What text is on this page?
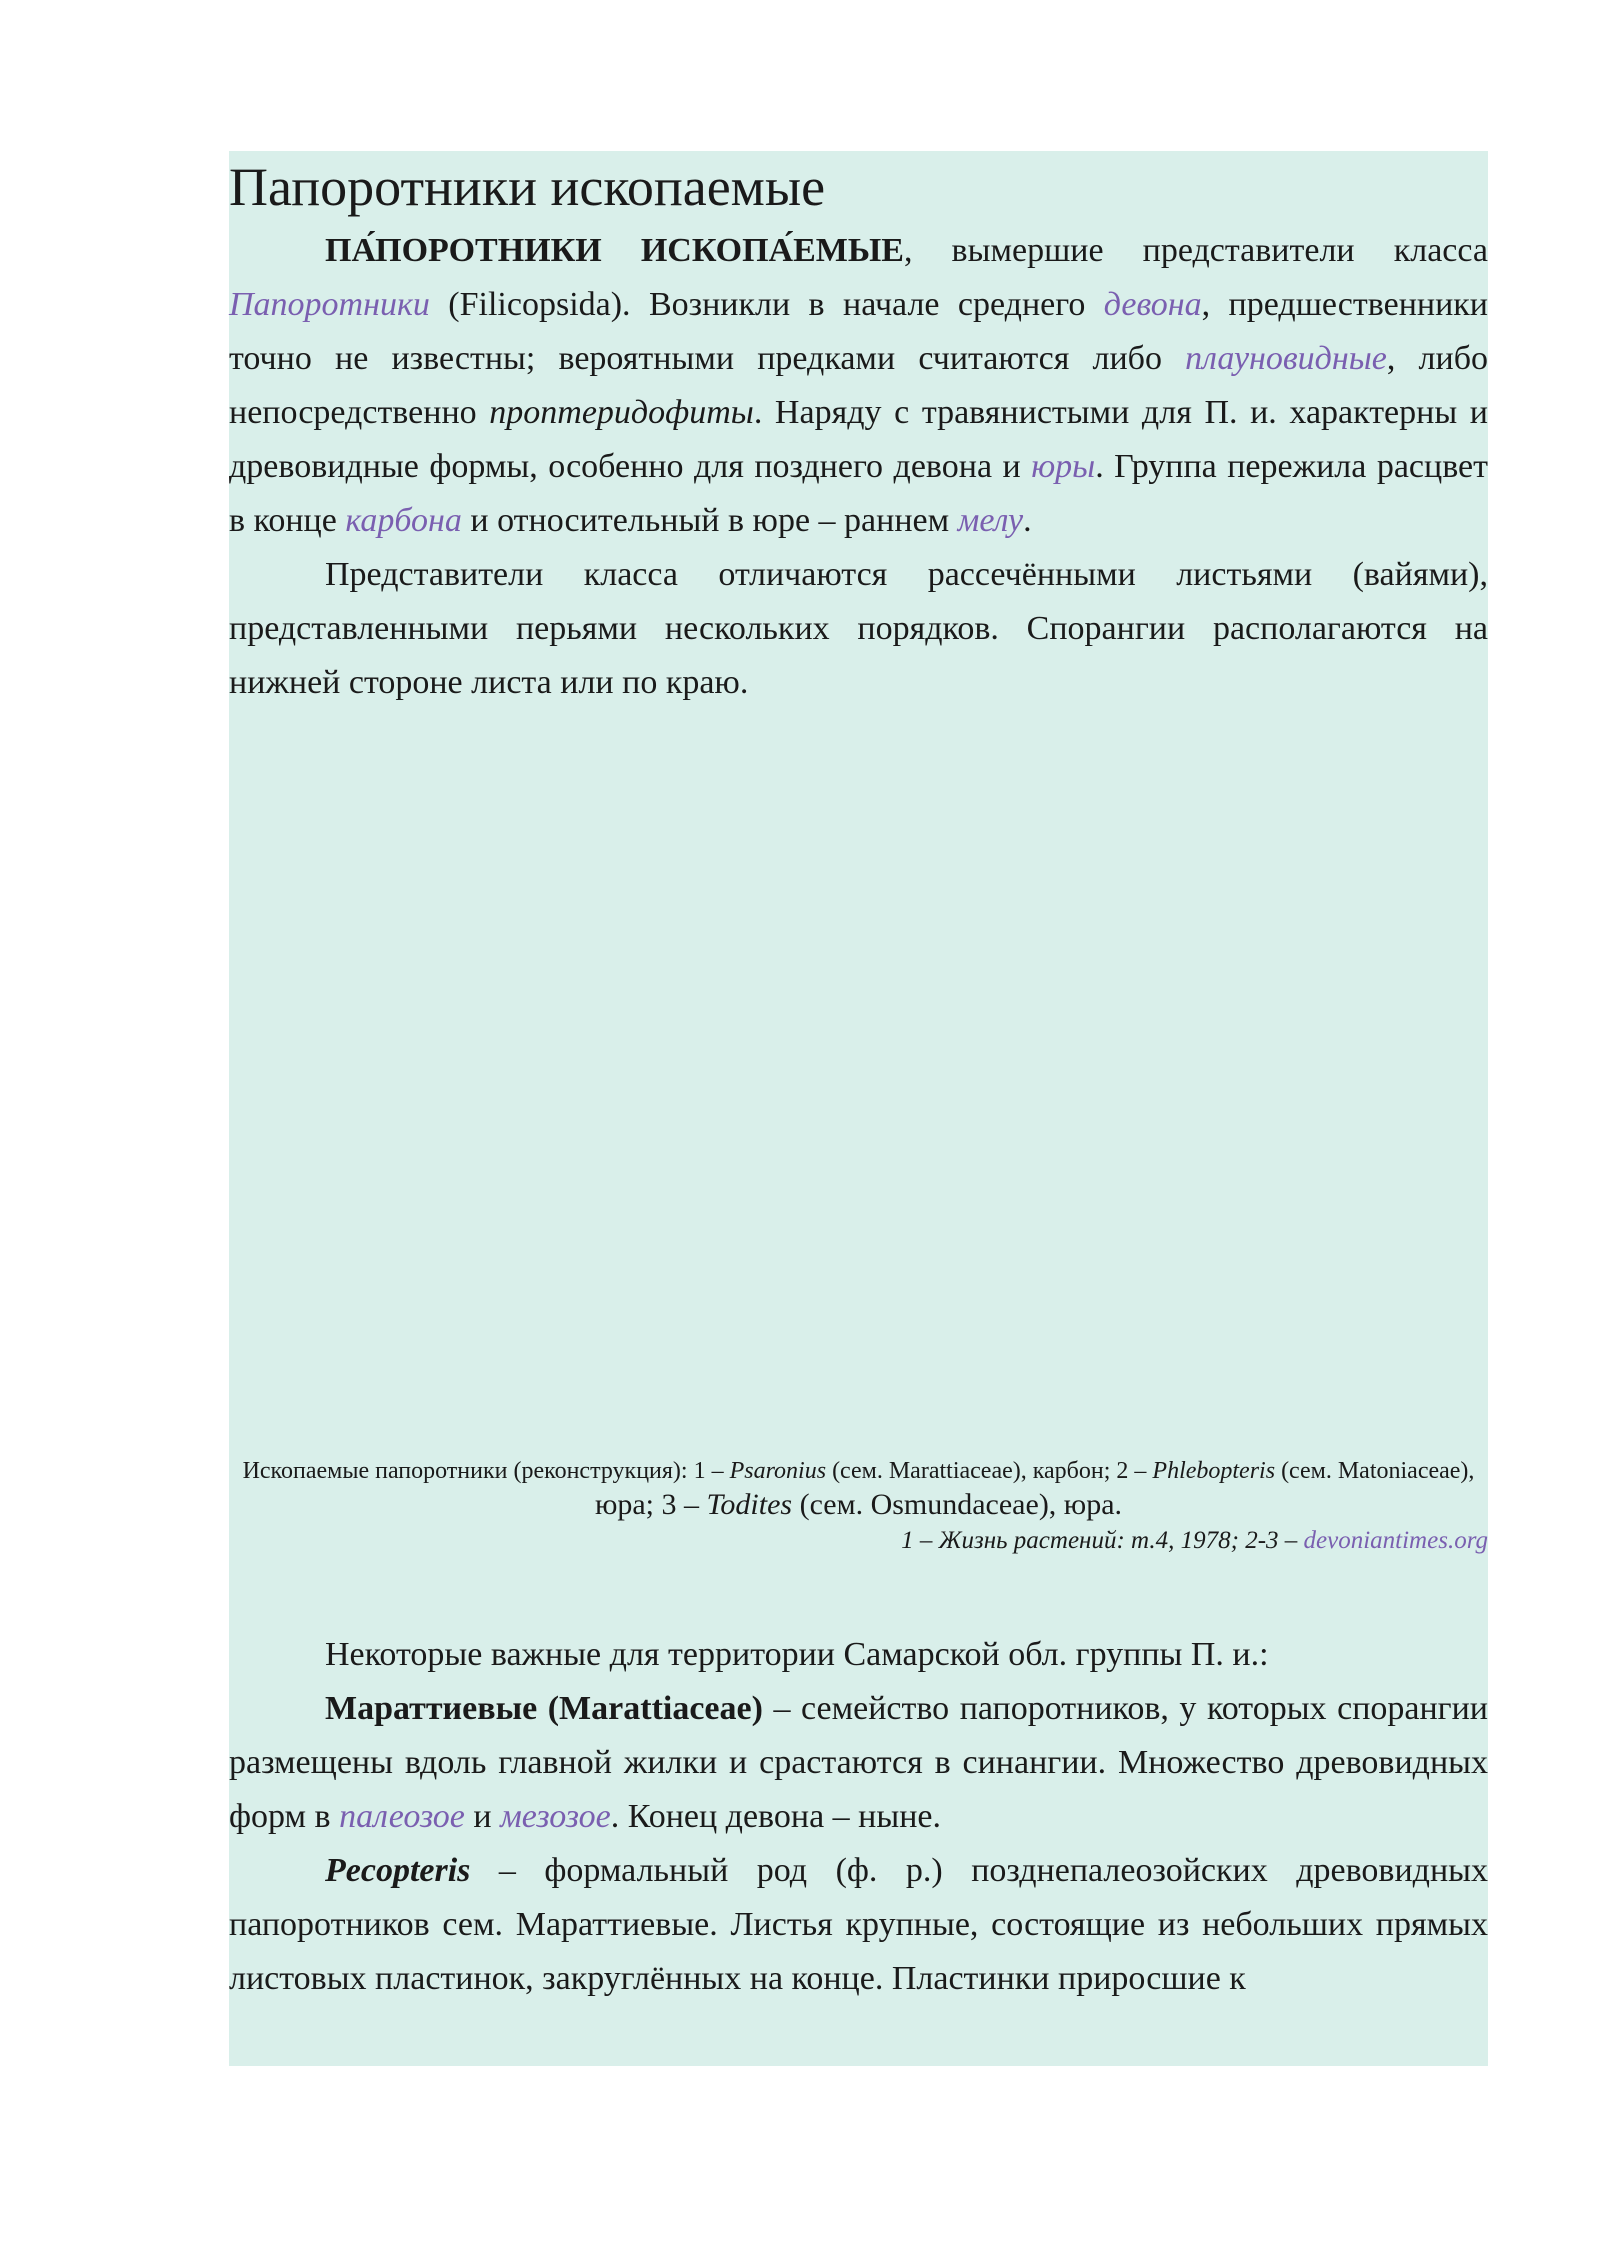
Папоротники ископаемые

ПА́ПОРОТНИКИ ИСКОПА́ЕМЫЕ, вымершие представители класса Папоротники (Filicopsida). Возникли в начале среднего девона, предшественники точно не известны; вероятными предками считаются либо плауновидные, либо непосредственно проптеридофиты. Наряду с травянистыми для П. и. характерны и древовидные формы, особенно для позднего девона и юры. Группа пережила расцвет в конце карбона и относительный в юре – раннем мелу.

Представители класса отличаются рассечёнными листьями (вайями), представленными перьями нескольких порядков. Спорангии располагаются на нижней стороне листа или по краю.

Ископаемые папоротники (реконструкция): 1 – Psaronius (сем. Marattiaceae), карбон; 2 – Phlebopteris (сем. Matoniaceae),
юра; 3 – Todites (сем. Osmundaceae), юра.

1 – Жизнь растений: т.4, 1978; 2-3 – devoniantimes.org

Некоторые важные для территории Самарской обл. группы П. и.:

Мараттиевые (Marattiaceae) – семейство папоротников, у которых спорангии размещены вдоль главной жилки и срастаются в синангии. Множество древовидных форм в палеозое и мезозое. Конец девона – ныне.

Pecopteris – формальный род (ф. р.) позднепалеозойских древовидных папоротников сем. Мараттиевые. Листья крупные, состоящие из небольших прямых листовых пластинок, закруглённых на конце. Пластинки приросшие к
